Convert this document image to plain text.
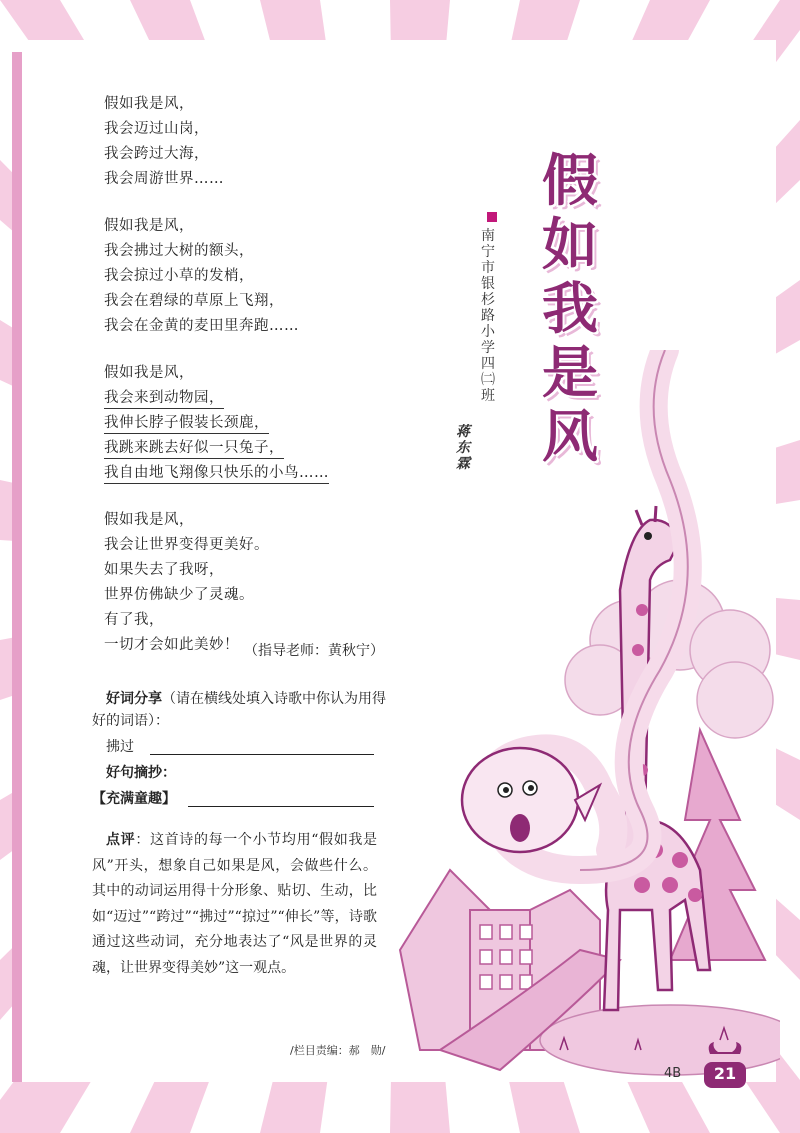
假
如
我
是
风
南宁市银杉路小学四㈡班
蒋东霖
假如我是风，
我会迈过山岗，
我会跨过大海，
我会周游世界……
假如我是风，
我会拂过大树的额头，
我会掠过小草的发梢，
我会在碧绿的草原上飞翔，
我会在金黄的麦田里奔跑……
假如我是风，
我会来到动物园，
我伸长脖子假装长颈鹿，
我跳来跳去好似一只兔子，
我自由地飞翔像只快乐的小鸟……
假如我是风，
我会让世界变得更美好。
如果失去了我呀，
世界仿佛缺少了灵魂。
有了我，
一切才会如此美妙！ （指导老师：黄秋宁）
好词分享（请在横线处填入诗歌中你认为用得好的词语）：
拂过
好句摘抄：
【充满童趣】
点评：这首诗的每一个小节均用“假如我是风”开头，想象自己如果是风，会做些什么。其中的动词运用得十分形象、贴切、生动，比如“迈过”“跨过”“拂过”“掠过”“伸长”等，诗歌通过这些动词，充分地表达了“风是世界的灵魂，让世界变得美妙”这一观点。
/栏目责编：郝　勋/
21
4B
